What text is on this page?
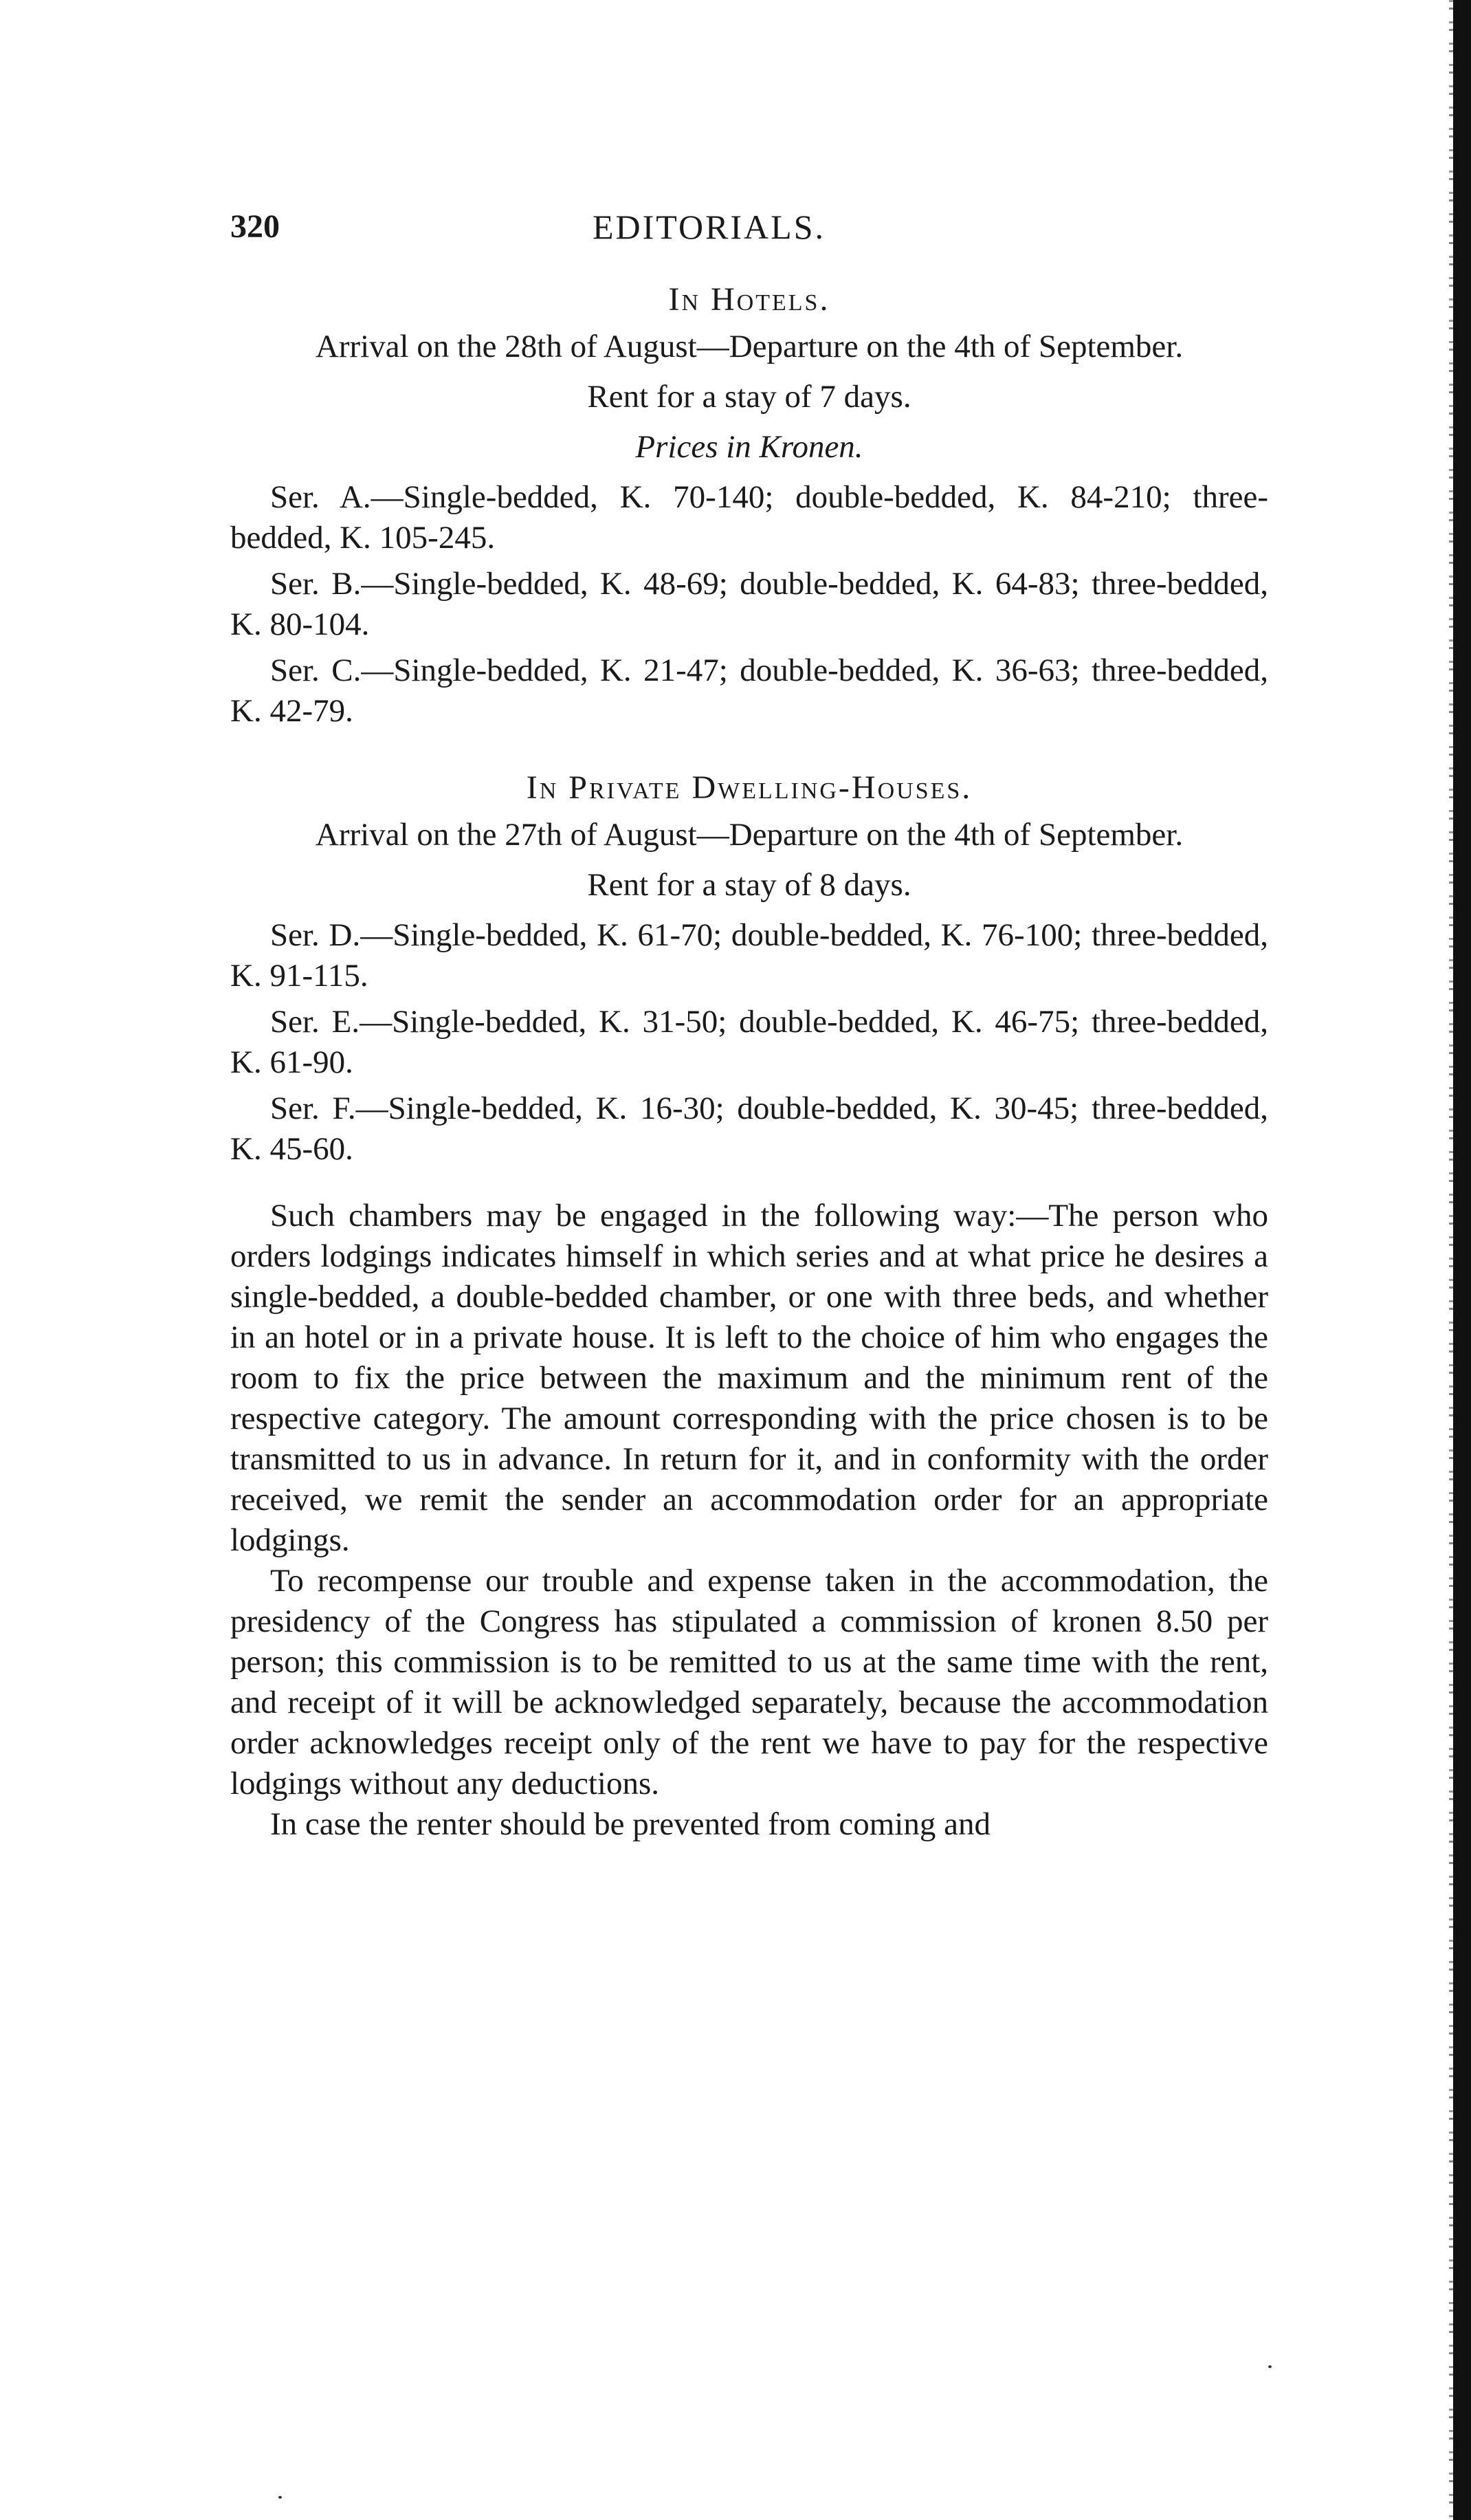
320	EDITORIALS.
In Hotels.
Arrival on the 28th of August—Departure on the 4th of September.
Rent for a stay of 7 days.
Prices in Kronen.
Ser. A.—Single-bedded, K. 70-140; double-bedded, K. 84-210; three-bedded, K. 105-245.
Ser. B.—Single-bedded, K. 48-69; double-bedded, K. 64-83; three-bedded, K. 80-104.
Ser. C.—Single-bedded, K. 21-47; double-bedded, K. 36-63; three-bedded, K. 42-79.
In Private Dwelling-Houses.
Arrival on the 27th of August—Departure on the 4th of September.
Rent for a stay of 8 days.
Ser. D.—Single-bedded, K. 61-70; double-bedded, K. 76-100; three-bedded, K. 91-115.
Ser. E.—Single-bedded, K. 31-50; double-bedded, K. 46-75; three-bedded, K. 61-90.
Ser. F.—Single-bedded, K. 16-30; double-bedded, K. 30-45; three-bedded, K. 45-60.

Such chambers may be engaged in the following way:—The person who orders lodgings indicates himself in which series and at what price he desires a single-bedded, a double-bedded chamber, or one with three beds, and whether in an hotel or in a private house. It is left to the choice of him who engages the room to fix the price between the maximum and the minimum rent of the respective category. The amount corresponding with the price chosen is to be transmitted to us in advance. In return for it, and in conformity with the order received, we remit the sender an accommodation order for an appropriate lodgings.

To recompense our trouble and expense taken in the accommodation, the presidency of the Congress has stipulated a commission of kronen 8.50 per person; this commission is to be remitted to us at the same time with the rent, and receipt of it will be acknowledged separately, because the accommodation order acknowledges receipt only of the rent we have to pay for the respective lodgings without any deductions.

In case the renter should be prevented from coming and
